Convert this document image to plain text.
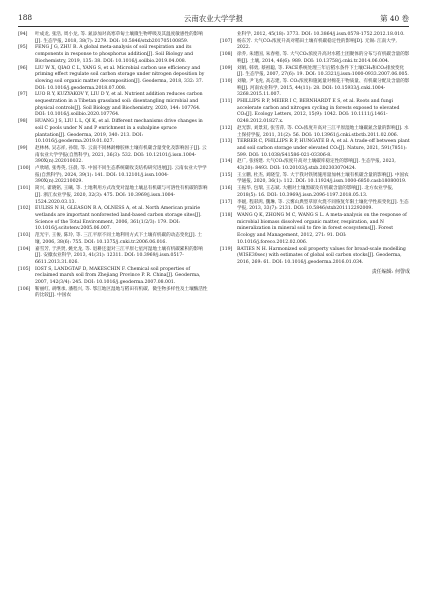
188	云南农业大学学报	第 40 卷
[94]	叶成龙, 张浩, 周小龙, 等. 氮添加对高寒草甸土壤微生物呼吸及其温度敏感性的影响[J]. 生态学报, 2018, 38(7): 2279. DOI: 10.5846/stxb201705100859.
[95]	FENG J G, ZHU B. A global meta-analysis of soil respiration and its components in response to phosphorus addition[J]. Soil Biology and Biochemistry, 2019, 135: 38. DOI: 10.1016/j.soilbio.2019.04.008.
[96]	LIU W X, QIAO C L, YANG S, et al. Microbial carbon use efficiency and priming effect regulate soil carbon storage under nitrogen deposition by slowing soil organic matter decomposition[J]. Geoderma, 2018, 332: 37. DOI: 10.1016/j.geoderma.2018.07.008.
[97]	LUO R Y, KUZYAKOV Y, LIU D Y, et al. Nutrient addition reduces carbon sequestration in a Tibetan grassland soil: disentangling microbial and physical controls[J]. Soil Biology and Biochemistry, 2020, 144: 107764. DOI: 10.1016/j.soilbio.2020.107764.
[98]	HUANG J S, LIU L L, QI K, et al. Different mechanisms drive changes in soil C pools under N and P enrichment in a subalpine spruce plantation[J]. Geoderma, 2019, 340: 213. DOI: 10.1016/j.geoderma.2019.01.027.
[99]	赵林林, 吴志祥, 孙瑞, 等. 云南不同林龄橡胶林土壤有机碳含量变化及影响因子[J]. 云南农业大学学报(自然科学), 2021, 36(3): 532. DOI: 10.12101/j.issn.1004-390X(n).202010032.
[100]	卢欣晴, 张秀英, 汪晨, 等. 中国不同生态系统碳收支结构研究进展[J]. 云南农业大学学报(自然科学), 2024, 39(1): 141. DOI: 10.12101/j.issn.1004-390X(n).202210029.
[101]	简兴, 翟晓铭, 王曦, 等. 土地利用方式改变对湿地土壤总有机碳与可溶性有机碳的影响[J]. 浙江农业学报, 2020, 32(3): 475. DOI: 10.3969/j.issn.1004-1524.2020.03.13.
[102]	EULISS N H, GLEASON R A, OLNESS A, et al. North American prairie wetlands are important nonforested land-based carbon storage sites[J]. Science of the Total Environment, 2006, 361(1/2/3): 179. DOI: 10.1016/j.scitotenv.2005.06.007.
[103]	范光宇, 王俊, 陈玲, 等. 三江平原不同土地利用方式下土壤有机碳的动态变化[J]. 土壤, 2006, 38(6): 755. DOI: 10.1375/j.cnki.tr.2006.06.016.
[104]	嘉雪芳, 于洪贤, 姚允龙, 等. 退耕还湿对三江平原七星河湿地土壤有机碳累积的影响[J]. 安徽农业科学, 2013, 41(31): 12311. DOI: 10.3969/j.issn.0517-6611.2013.31.026.
[105]	IOST S, LANDGTAF D, MAKESCHIN F. Chemical soil properties of reclaimed marsh soil from Zhejiang Province P. R. China[J]. Geoderma, 2007, 142(3/4): 245. DOI: 10.1016/j.geoderma.2007.08.001.
[106]	靳丽红, 胡继承, 潘程兴, 等. 鄂江地区湿地与稻田有机碳、微生物多样性及土壤酶活性的比较[J]. 中国农
业科学, 2012, 45(18): 3773. DOI: 10.3864/j.issn.0578-1752.2012.18.010.
[107]	杨东芳. 大气CO₂浓度升高对稻田土壤有机碳稳定性的影响[D]. 无锡: 江南大学, 2022.
[108]	徐乔, 朱建国, 朱春梧, 等. 大气CO₂浓度升高对水稻土团聚体的分布与有机碳含量的影响[J]. 土壤, 2014, 46(6): 989. DOI: 10.13758/j.cnki.tr.2014.06.004.
[109]	刘娟, 韩勇, 蔡祖聪, 等. FACE系统处理三年后稻水条件下土壤CH₄和CO₂排放变化[J]. 生态学报, 2007, 27(6): 19. DOI: 10.3321/j.issn:1000-0933.2007.06.005.
[110]	刘敏, 尹飞虎, 高志建, 等. CO₂浓度和施氮量对棉花干物质量、有机碳分配及含量的影响[J]. 河南农业科学, 2015, 44(11): 28. DOI: 10.15933/j.cnki.1004-3268.2015.11.007.
[111]	PHILLIPS R P, MEIER I C, BERNHARDT E S, et al. Roots and fungi accelerate carbon and nitrogen cycling in forests exposed to elevated CO₂[J]. Ecology Letters, 2012, 15(9): 1042. DOI: 10.1111/j.1461-0248.2012.01827.x.
[112]	赵光影, 刘景双, 张雪萍, 等. CO₂浓度升高对三江平原湿地土壤碳氮含量的影响[J]. 水土保持学报, 2011, 31(2): 56. DOI: 10.13961/j.cnki.stbctb.2011.02.006.
[113]	TERRER C, PHILLIPS R P, HUNGATE B A, et al. A trade-off between plant and soil carbon storage under elevated CO₂[J]. Nature, 2021, 591(7851): 599. DOI: 10.1038/S41586-021-03306-8.
[114]	赵广, 张扬建. 大气CO₂浓度升高对土壤碳库稳定性的影响[J]. 生态学报, 2023, 43(20): 8493. DOI: 10.20103/j.stxb.202303070424.
[115]	王立鹏, 杜杰, 刘晓莹, 等. 大于我对铁锈施用量加林土壤有机碳含量的影响[J]. 中国农学通报, 2020, 36(1): 112. DOI: 10.11924/j.issn.1000-6850.casb18080019.
[116]	王振华, 包瑞, 王志斌. 大棚对土壤黑碳及有机碳含量的影响[J]. 北方农业学报, 2018(5): 16. DOI: 10.3969/j.issn.2096-1197.2018.05.13.
[117]	李媛, 程彩鸿, 魏琳, 等. 云雾山典型草原火烧不同恢复年限土壤化学性质变化[J]. 生态学报, 2013, 33(7): 2131. DOI: 10.5846/stxb201112292009.
[118]	WANG Q K, ZHONG M C, WANG S L. A meta-analysis on the response of microbial biomass dissolved organic matter, respiration, and N mineralization in mineral soil to fire in forest ecosystems[J]. Forest Ecology and Management, 2012, 271: 91. DOI: 10.1016/j.foreco.2012.02.006.
[119]	BATIES N H. Harmonized soil property values for broad-scale modelling (WISE30sec) with estimates of global soil carbon stocks[J]. Geoderma, 2016, 269: 61. DOI: 10.1016/j.geoderma.2016.01.034.
责任编辑: 何謦成
